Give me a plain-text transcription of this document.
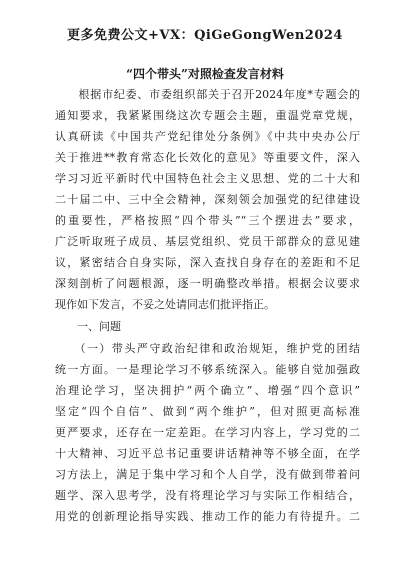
更多免费公文+VX：QiGeGongWen2024
“四个带头”对照检查发言材料
　　根据市纪委、市委组织部关于召开2024年度*专题会的
通知要求，我紧紧围绕这次专题会主题，重温党章党规，
认真研读《中国共产党纪律处分条例》《中共中央办公厅
关于推进**教育常态化长效化的意见》等重要文件，深入
学习习近平新时代中国特色社会主义思想、党的二十大和
二十届二中、三中全会精神，深刻领会加强党的纪律建设
的重要性，严格按照“四个带头”“三个摆进去”要求，
广泛听取班子成员、基层党组织、党员干部群众的意见建
议，紧密结合自身实际，深入查找自身存在的差距和不足
深刻剖析了问题根源，逐一明确整改举措。根据会议要求
现作如下发言，不妥之处请同志们批评指正。
　　一、问题
　　（一）带头严守政治纪律和政治规矩，维护党的团结
统一方面。一是理论学习不够系统深入。能够自觉加强政
治理论学习，坚决拥护“两个确立”、增强“四个意识”
坚定“四个自信”、做到“两个维护”，但对照更高标准
更严要求，还存在一定差距。在学习内容上，学习党的二
十大精神、习近平总书记重要讲话精神等不够全面，在学
习方法上，满足于集中学习和个人自学，没有做到带着问
题学、深入思考学，没有将理论学习与实际工作相结合，
用党的创新理论指导实践、推动工作的能力有待提升。二
